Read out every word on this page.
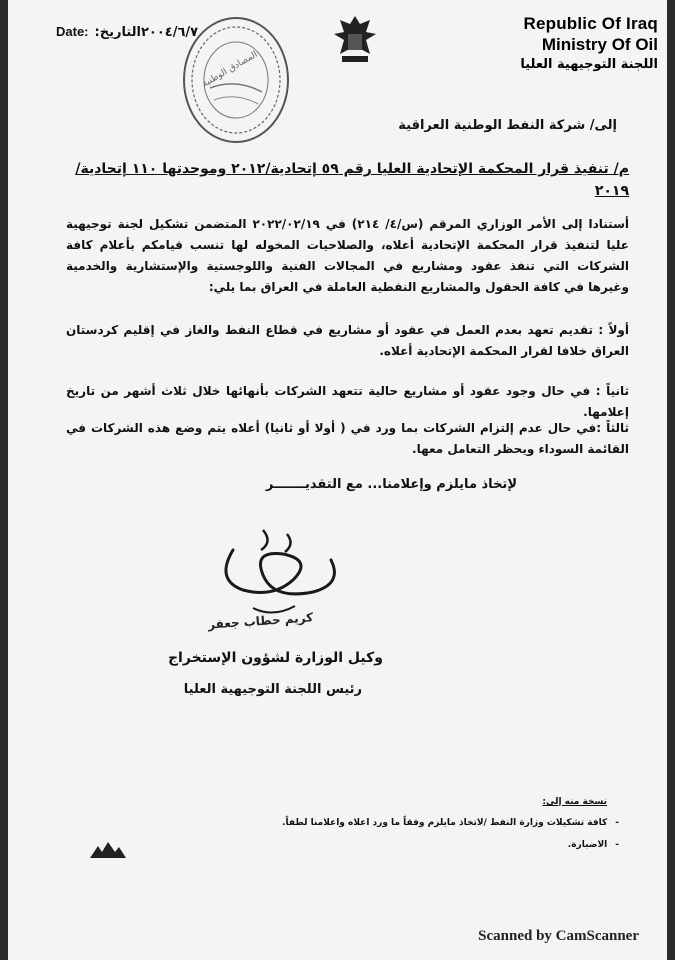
Date:	٢٠٠٤/٦/٧التاريخ:
المصادق الوطنية
Republic Of Iraq
Ministry Of Oil
اللجنة التوجيهية العليا
إلى/ شركة النفط الوطنية العراقية
م/ تنفيذ قرار المحكمة الإتحادية العليا رقم ٥٩ إتحادية/٢٠١٢ وموحدتها ١١٠ إتحادية/
٢٠١٩
أستنادا إلى الأمر الوزاري المرقم (س/٤/ ٢١٤) في ٢٠٢٢/٠٢/١٩ المتضمن تشكيل لجنة توجيهية عليا لتنفيذ قرار المحكمة الإتحادية أعلاه، والصلاحيات المخوله لها تنسب قيامكم بأعلام كافة الشركات التي تنفذ عقود ومشاريع في المجالات الفنية واللوجستية والإستشارية والخدمية وغيرها في كافة الحقول والمشاريع النفطية العاملة في العراق بما يلي:
أولاً : تقديم تعهد بعدم العمل في عقود أو مشاريع في قطاع النفط والغاز في إقليم كردستان العراق خلافا لقرار المحكمة الإتحادية أعلاه.
ثانياً : في حال وجود عقود أو مشاريع حالية تتعهد الشركات بأنهائها خلال ثلاث أشهر من تاريخ إعلامها.
ثالثاً :في حال عدم إلتزام الشركات بما ورد في ( أولا أو ثانيا) أعلاه يتم وضع هذه الشركات في القائمة السوداء ويحظر التعامل معها.
لإتخاذ مايلزم وإعلامنا... مع التقديـــــــر
كريم حطاب جعفر
وكيل الوزارة لشؤون الإستخراج
رئيس اللجنة التوجيهية العليا
نسخة منه إلى:
-كافة تشكيلات وزارة النفط /لاتخاذ مايلزم وفقاً ما ورد اعلاه واعلامنا لطفاً.
-الاضبارة.
Scanned by CamScanner
